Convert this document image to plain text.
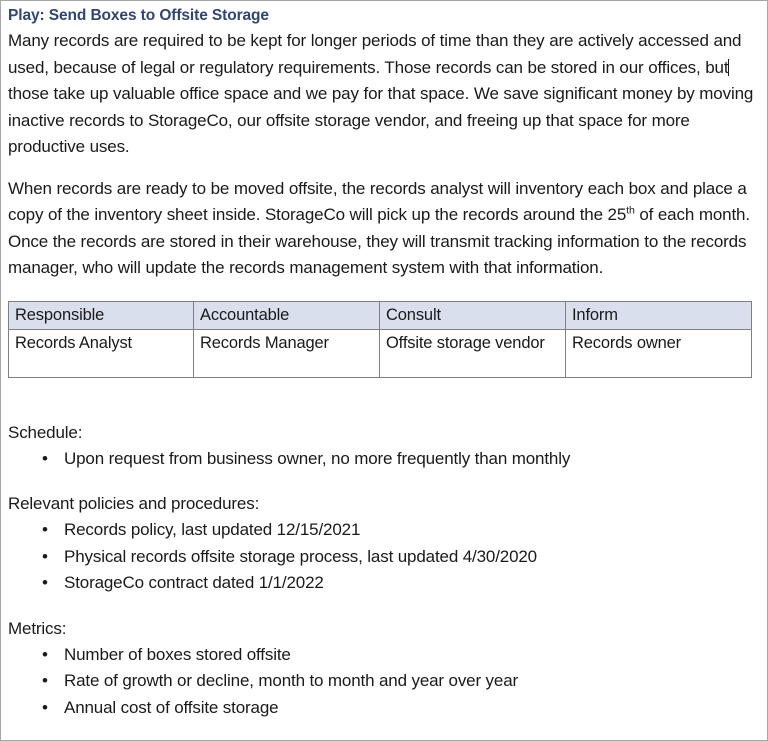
Play: Send Boxes to Offsite Storage

Many records are required to be kept for longer periods of time than they are actively accessed and used, because of legal or regulatory requirements. Those records can be stored in our offices, but those take up valuable office space and we pay for that space. We save significant money by moving inactive records to StorageCo, our offsite storage vendor, and freeing up that space for more productive uses.

When records are ready to be moved offsite, the records analyst will inventory each box and place a copy of the inventory sheet inside. StorageCo will pick up the records around the 25th of each month. Once the records are stored in their warehouse, they will transmit tracking information to the records manager, who will update the records management system with that information.

Responsible	Accountable	Consult	Inform
Records Analyst	Records Manager	Offsite storage vendor	Records owner

Schedule:

• Upon request from business owner, no more frequently than monthly

Relevant policies and procedures:

• Records policy, last updated 12/15/2021
• Physical records offsite storage process, last updated 4/30/2020
• StorageCo contract dated 1/1/2022

Metrics:

• Number of boxes stored offsite
• Rate of growth or decline, month to month and year over year
• Annual cost of offsite storage
